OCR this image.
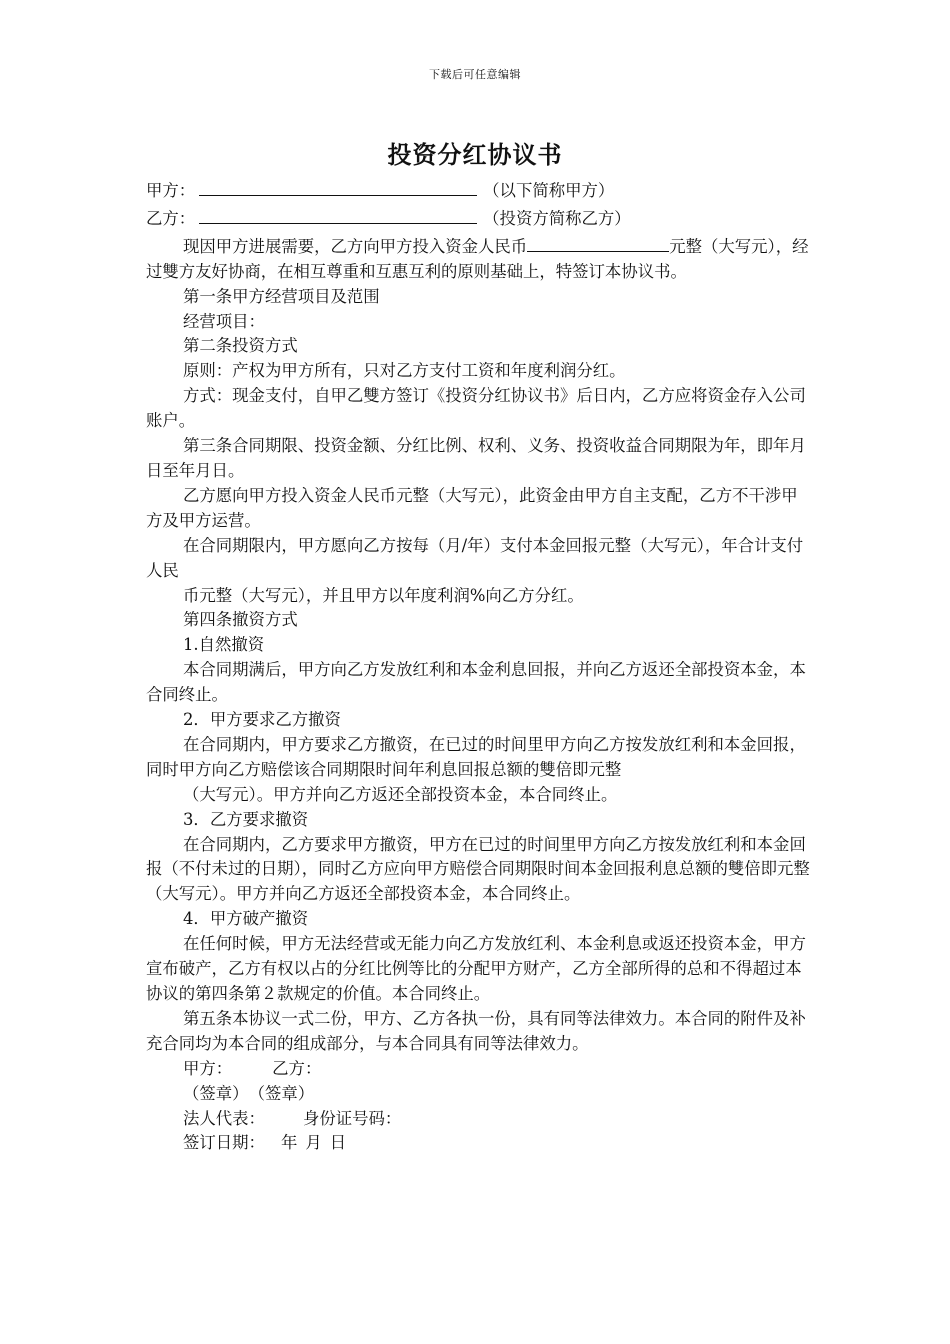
下载后可任意编辑
投资分红协议书

甲方：	（以下简称甲方）

乙方：	（投资方简称乙方）

现因甲方进展需要，乙方向甲方投入资金人民币	元整（大写元），经过雙方友好协商，在相互尊重和互惠互利的原则基础上，特签订本协议书。

第一条甲方经营项目及范围

经营项目：

第二条投资方式

原则：产权为甲方所有，只对乙方支付工资和年度利润分红。

方式：现金支付，自甲乙雙方签订《投资分红协议书》后日内，乙方应将资金存入公司账户。

第三条合同期限、投资金额、分红比例、权利、义务、投资收益合同期限为年，即年月日至年月日。

乙方愿向甲方投入资金人民币元整（大写元），此资金由甲方自主支配，乙方不干涉甲方及甲方运营。

在合同期限内，甲方愿向乙方按每（月/年）支付本金回报元整（大写元），年合计支付人民

币元整（大写元），并且甲方以年度利润%向乙方分红。

第四条撤资方式

1.自然撤资

本合同期满后，甲方向乙方发放红利和本金利息回报，并向乙方返还全部投资本金，本合同终止。

2．甲方要求乙方撤资

在合同期内，甲方要求乙方撤资，在已过的时间里甲方向乙方按发放红利和本金回报，同时甲方向乙方赔偿该合同期限时间年利息回报总额的雙倍即元整

（大写元）。甲方并向乙方返还全部投资本金，本合同终止。

3．乙方要求撤资

在合同期内，乙方要求甲方撤资，甲方在已过的时间里甲方向乙方按发放红利和本金回报（不付未过的日期），同时乙方应向甲方赔偿合同期限时间本金回报利息总额的雙倍即元整（大写元）。甲方并向乙方返还全部投资本金，本合同终止。

4．甲方破产撤资

在任何时候，甲方无法经营或无能力向乙方发放红利、本金利息或返还投资本金，甲方宣布破产，乙方有权以占的分红比例等比的分配甲方财产，乙方全部所得的总和不得超过本协议的第四条第２款规定的价值。本合同终止。

第五条本协议一式二份，甲方、乙方各执一份，具有同等法律效力。本合同的附件及补充合同均为本合同的组成部分，与本合同具有同等法律效力。

甲方： 乙方：

（签章）（签章）

法人代表： 身份证号码：

签订日期： 年 月 日
